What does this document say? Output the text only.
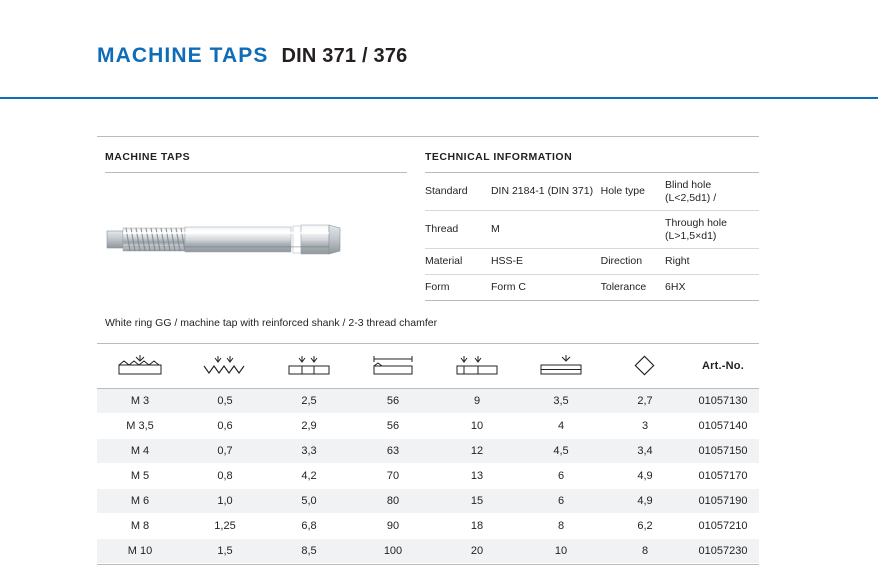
MACHINE TAPS DIN 371 / 376
MACHINE TAPS	TECHNICAL INFORMATION
Standard	DIN 2184-1 (DIN 371)	Hole type	Blind hole (L<2,5d1) /
Thread	M		Through hole (L>1,5×d1)
Material	HSS-E	Direction	Right
Form	Form C	Tolerance	6HX
White ring GG / machine tap with reinforced shank / 2-3 thread chamfer

	Art.-No.
M 3	0,5	2,5	56	9	3,5	2,7	01057130
M 3,5	0,6	2,9	56	10	4	3	01057140
M 4	0,7	3,3	63	12	4,5	3,4	01057150
M 5	0,8	4,2	70	13	6	4,9	01057170
M 6	1,0	5,0	80	15	6	4,9	01057190
M 8	1,25	6,8	90	18	8	6,2	01057210
M 10	1,5	8,5	100	20	10	8	01057230
